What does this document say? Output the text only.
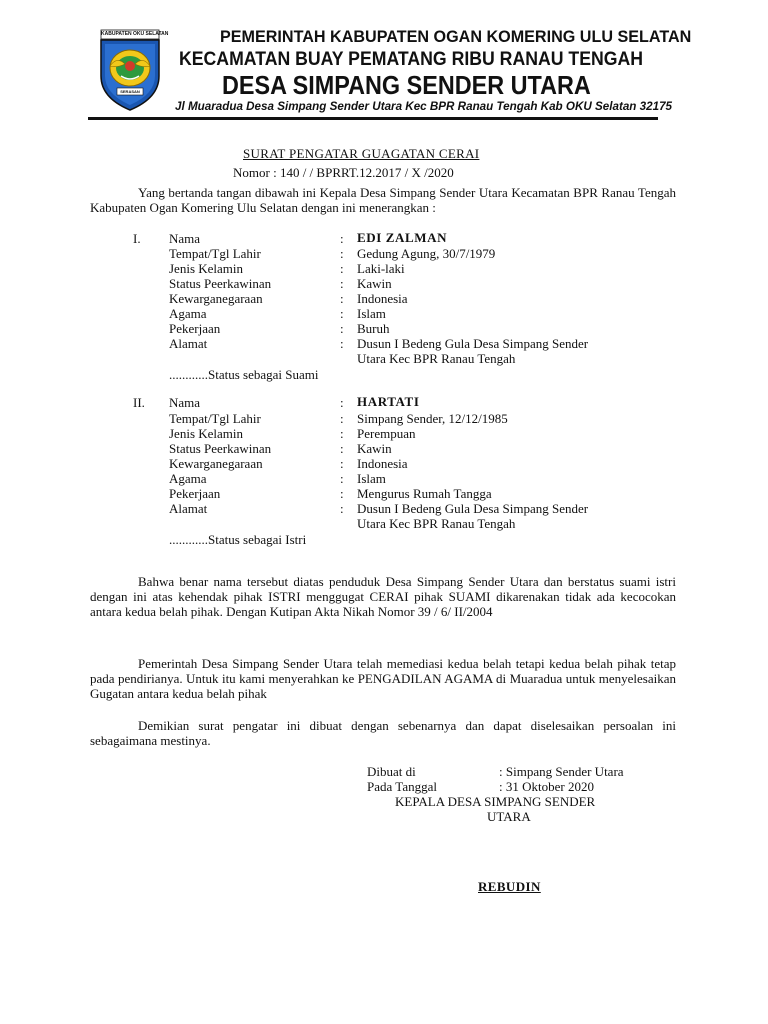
KABUPATEN OKU SELATAN
SERASAN
PEMERINTAH KABUPATEN OGAN KOMERING ULU SELATAN
KECAMATAN BUAY PEMATANG RIBU RANAU TENGAH
DESA SIMPANG SENDER UTARA
Jl Muaradua Desa Simpang Sender Utara Kec BPR Ranau Tengah Kab OKU Selatan 32175
SURAT PENGATAR GUAGATAN CERAI
Nomor : 140 / / BPRRT.12.2017 / X /2020
Yang bertanda tangan dibawah ini Kepala Desa Simpang Sender Utara Kecamatan BPR Ranau Tengah Kabupaten Ogan Komering Ulu Selatan dengan ini menerangkan :
I. Nama
Tempat/Tgl Lahir
Jenis Kelamin
Status Peerkawinan
Kewarganegaraan
Agama
Pekerjaan
Alamat
:
:
:
:
:
:
:
:
EDI ZALMAN
Gedung Agung, 30/7/1979
Laki-laki
Kawin
Indonesia
Islam
Buruh
Dusun I Bedeng Gula Desa Simpang Sender
Utara Kec BPR Ranau Tengah
............Status sebagai Suami
II. Nama
Tempat/Tgl Lahir
Jenis Kelamin
Status Peerkawinan
Kewarganegaraan
Agama
Pekerjaan
Alamat
:
:
:
:
:
:
:
:
HARTATI
Simpang Sender, 12/12/1985
Perempuan
Kawin
Indonesia
Islam
Mengurus Rumah Tangga
Dusun I Bedeng Gula Desa Simpang Sender
Utara Kec BPR Ranau Tengah
............Status sebagai Istri
Bahwa benar nama tersebut diatas penduduk Desa Simpang Sender Utara dan berstatus suami istri dengan ini atas kehendak pihak ISTRI menggugat CERAI pihak SUAMI dikarenakan tidak ada kecocokan antara kedua belah pihak. Dengan Kutipan Akta Nikah Nomor 39 / 6/ II/2004
Pemerintah Desa Simpang Sender Utara telah memediasi kedua belah tetapi kedua belah pihak tetap pada pendirianya. Untuk itu kami menyerahkan ke PENGADILAN AGAMA di Muaradua untuk menyelesaikan Gugatan antara kedua belah pihak
Demikian surat pengatar ini dibuat dengan sebenarnya dan dapat diselesaikan persoalan ini sebagaimana mestinya.
Dibuat di	: Simpang Sender Utara
Pada Tanggal	: 31 Oktober 2020
KEPALA DESA SIMPANG SENDER
UTARA
REBUDIN
